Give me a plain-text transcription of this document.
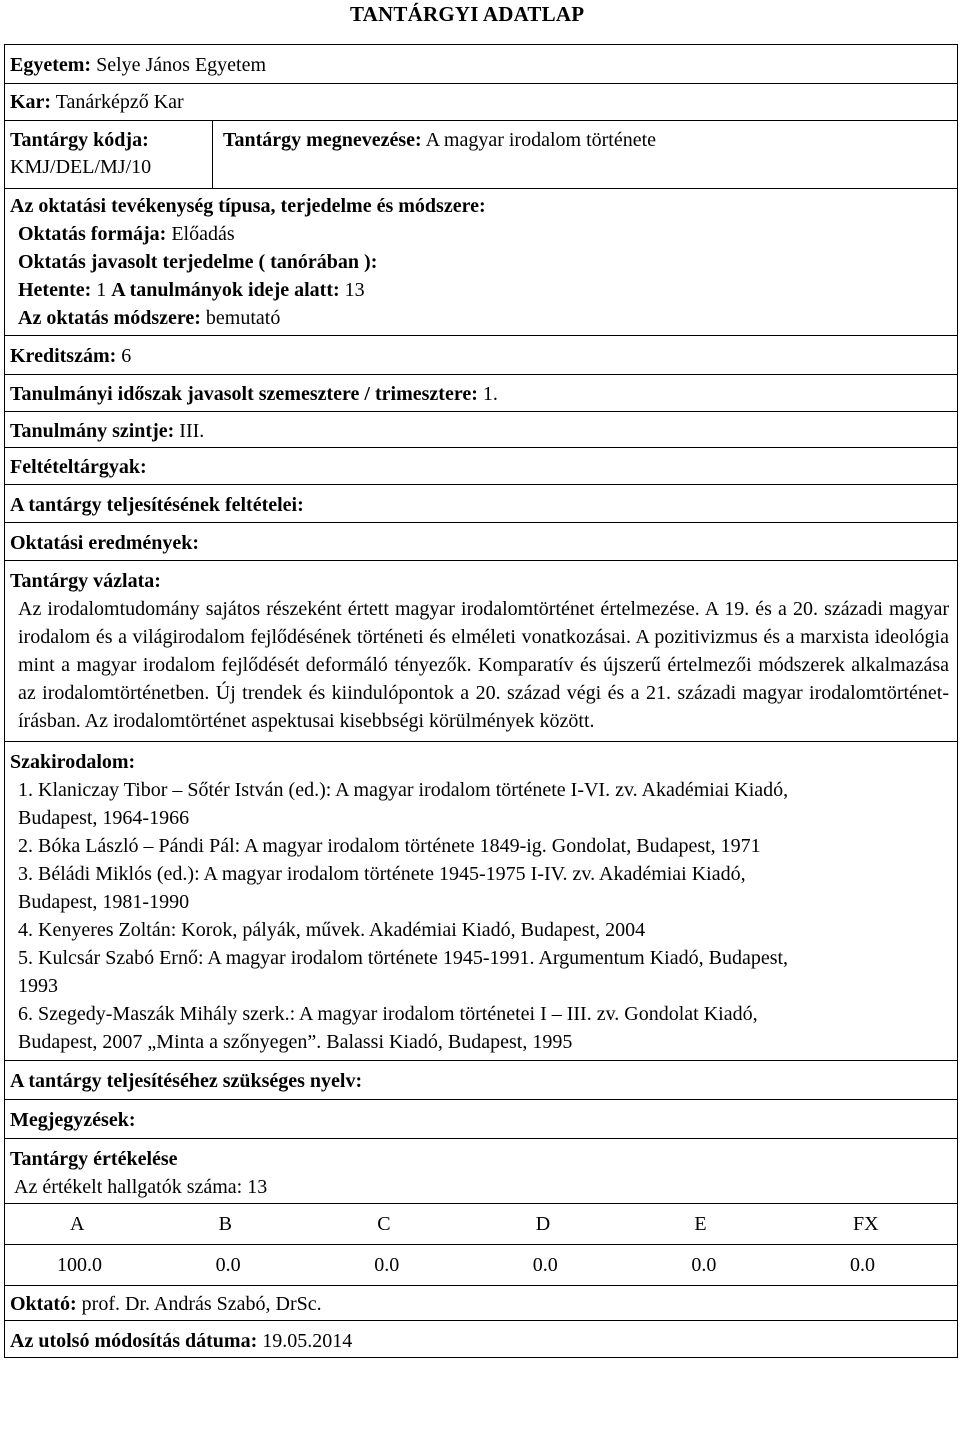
TANTÁRGYI ADATLAP
Egyetem: Selye János Egyetem
Kar: Tanárképző Kar
Tantárgy kódja:
KMJ/DEL/MJ/10
Tantárgy megnevezése: A magyar irodalom története
Az oktatási tevékenység típusa, terjedelme és módszere:
Oktatás formája: Előadás
Oktatás javasolt terjedelme ( tanórában ):
Hetente: 1 A tanulmányok ideje alatt: 13
Az oktatás módszere: bemutató
Kreditszám: 6
Tanulmányi időszak javasolt szemesztere / trimesztere: 1.
Tanulmány szintje: III.
Feltételtárgyak:
A tantárgy teljesítésének feltételei:
Oktatási eredmények:
Tantárgy vázlata:
Az irodalomtudomány sajátos részeként értett magyar irodalomtörténet értelmezése. A 19. és a 20. századi magyar irodalom és a világirodalom fejlődésének történeti és elméleti vonatkozásai. A pozitivizmus és a marxista ideológia mint a magyar irodalom fejlődését deformáló tényezők. Komparatív és újszerű értelmezői módszerek alkalmazása az irodalomtörténetben. Új trendek és kiindulópontok a 20. század végi és a 21. századi magyar irodalomtörténet-írásban. Az irodalomtörténet aspektusai kisebbségi körülmények között.
Szakirodalom:
1. Klaniczay Tibor – Sőtér István (ed.): A magyar irodalom története I-VI. zv. Akadémiai Kiadó,
Budapest, 1964-1966
2. Bóka László – Pándi Pál: A magyar irodalom története 1849-ig. Gondolat, Budapest, 1971
3. Béládi Miklós (ed.): A magyar irodalom története 1945-1975 I-IV. zv. Akadémiai Kiadó,
Budapest, 1981-1990
4. Kenyeres Zoltán: Korok, pályák, művek. Akadémiai Kiadó, Budapest, 2004
5. Kulcsár Szabó Ernő: A magyar irodalom története 1945-1991. Argumentum Kiadó, Budapest,
1993
6. Szegedy-Maszák Mihály szerk.: A magyar irodalom történetei I – III. zv. Gondolat Kiadó,
Budapest, 2007 „Minta a szőnyegen”. Balassi Kiadó, Budapest, 1995
A tantárgy teljesítéséhez szükséges nyelv:
Megjegyzések:
Tantárgy értékelése
Az értékelt hallgatók száma: 13
A	B	C	D	E	FX
100.0	0.0	0.0	0.0	0.0	0.0
Oktató: prof. Dr. András Szabó, DrSc.
Az utolsó módosítás dátuma: 19.05.2014
